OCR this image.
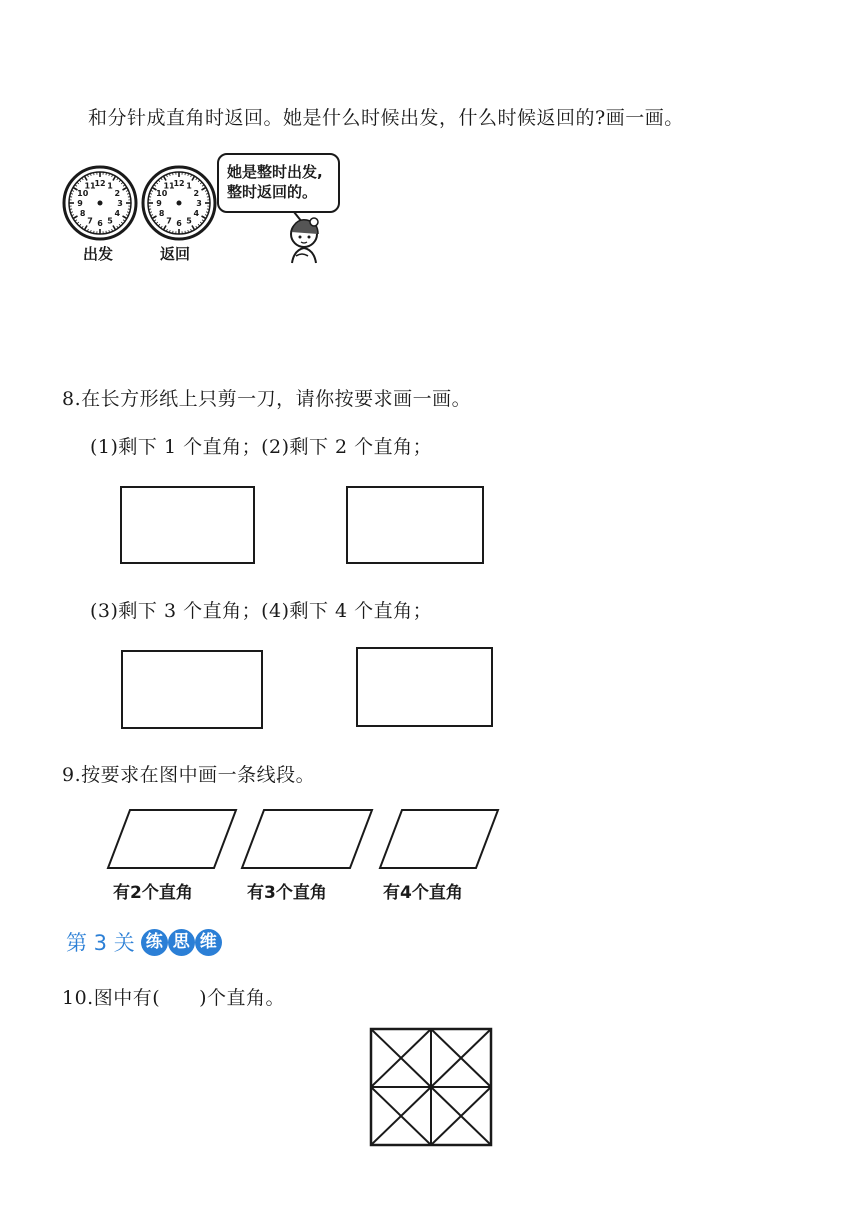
和分针成直角时返回。她是什么时候出发，什么时候返回的?画一画。
12 1
2
3
4
5
6
7
8
9
10
11	12 1
2
3
4
5
6
7
8
9
10
11
出发	返回
她是整时出发,
整时返回的。
8.在长方形纸上只剪一刀，请你按要求画一画。
(1)剩下 1 个直角；(2)剩下 2 个直角；
(3)剩下 3 个直角；(4)剩下 4 个直角；
9.按要求在图中画一条线段。
有2个直角	有3个直角	有4个直角
第 3 关 练 思 维
10.图中有(　　)个直角。
